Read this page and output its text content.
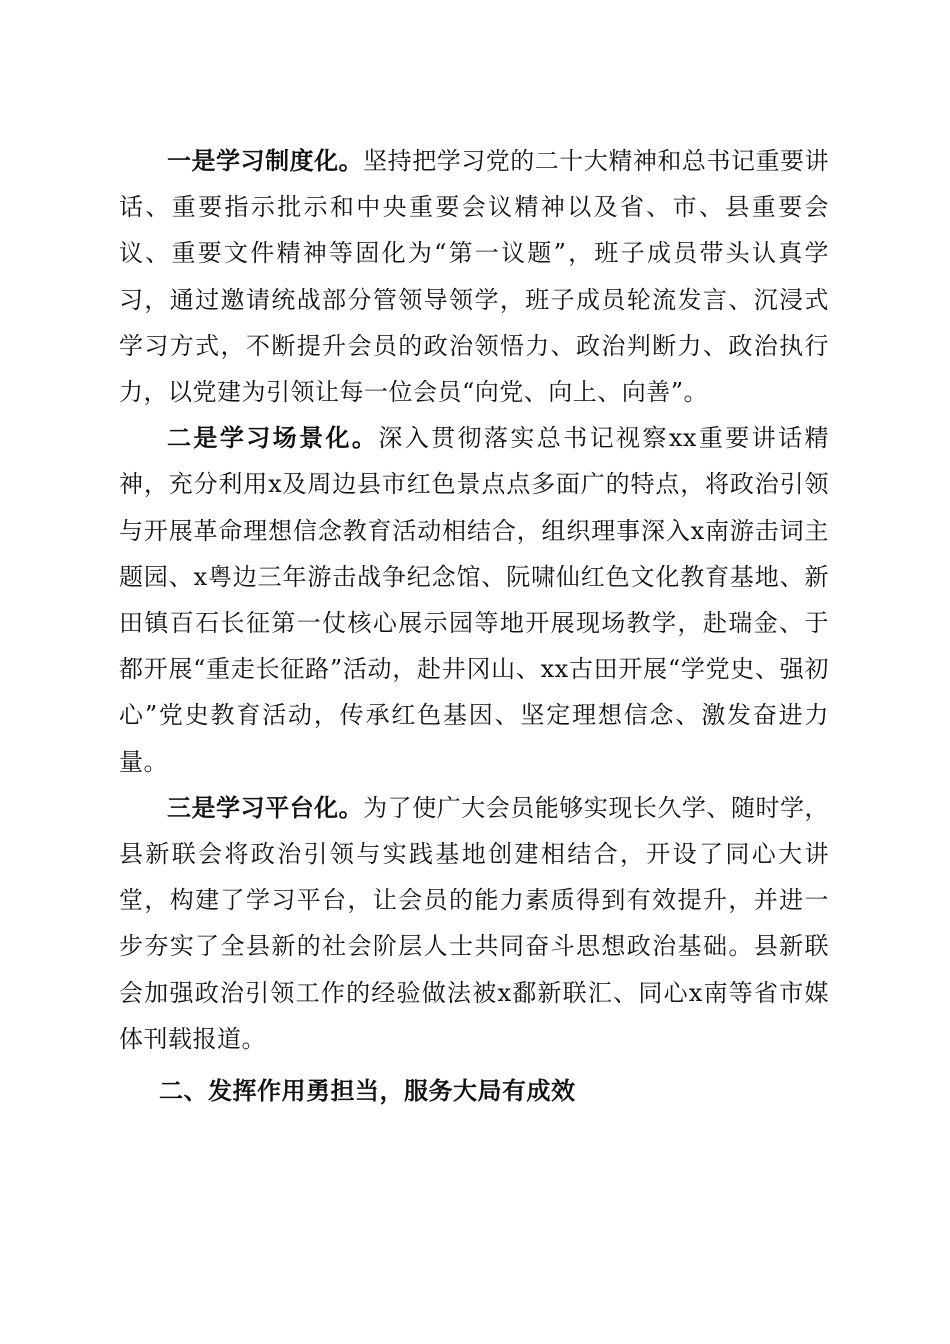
一是学习制度化。坚持把学习党的二十大精神和总书记重要讲话、重要指示批示和中央重要会议精神以及省、市、县重要会议、重要文件精神等固化为“第一议题”，班子成员带头认真学习，通过邀请统战部分管领导领学，班子成员轮流发言、沉浸式学习方式，不断提升会员的政治领悟力、政治判断力、政治执行力，以党建为引领让每一位会员“向党、向上、向善”。

二是学习场景化。深入贯彻落实总书记视察xx重要讲话精神，充分利用x及周边县市红色景点点多面广的特点，将政治引领与开展革命理想信念教育活动相结合，组织理事深入x南游击词主题园、x粤边三年游击战争纪念馆、阮啸仙红色文化教育基地、新田镇百石长征第一仗核心展示园等地开展现场教学，赴瑞金、于都开展“重走长征路”活动，赴井冈山、xx古田开展“学党史、强初心”党史教育活动，传承红色基因、坚定理想信念、激发奋进力量。

三是学习平台化。为了使广大会员能够实现长久学、随时学，县新联会将政治引领与实践基地创建相结合，开设了同心大讲堂，构建了学习平台，让会员的能力素质得到有效提升，并进一步夯实了全县新的社会阶层人士共同奋斗思想政治基础。县新联会加强政治引领工作的经验做法被x鄱新联汇、同心x南等省市媒体刊载报道。

二、发挥作用勇担当，服务大局有成效
